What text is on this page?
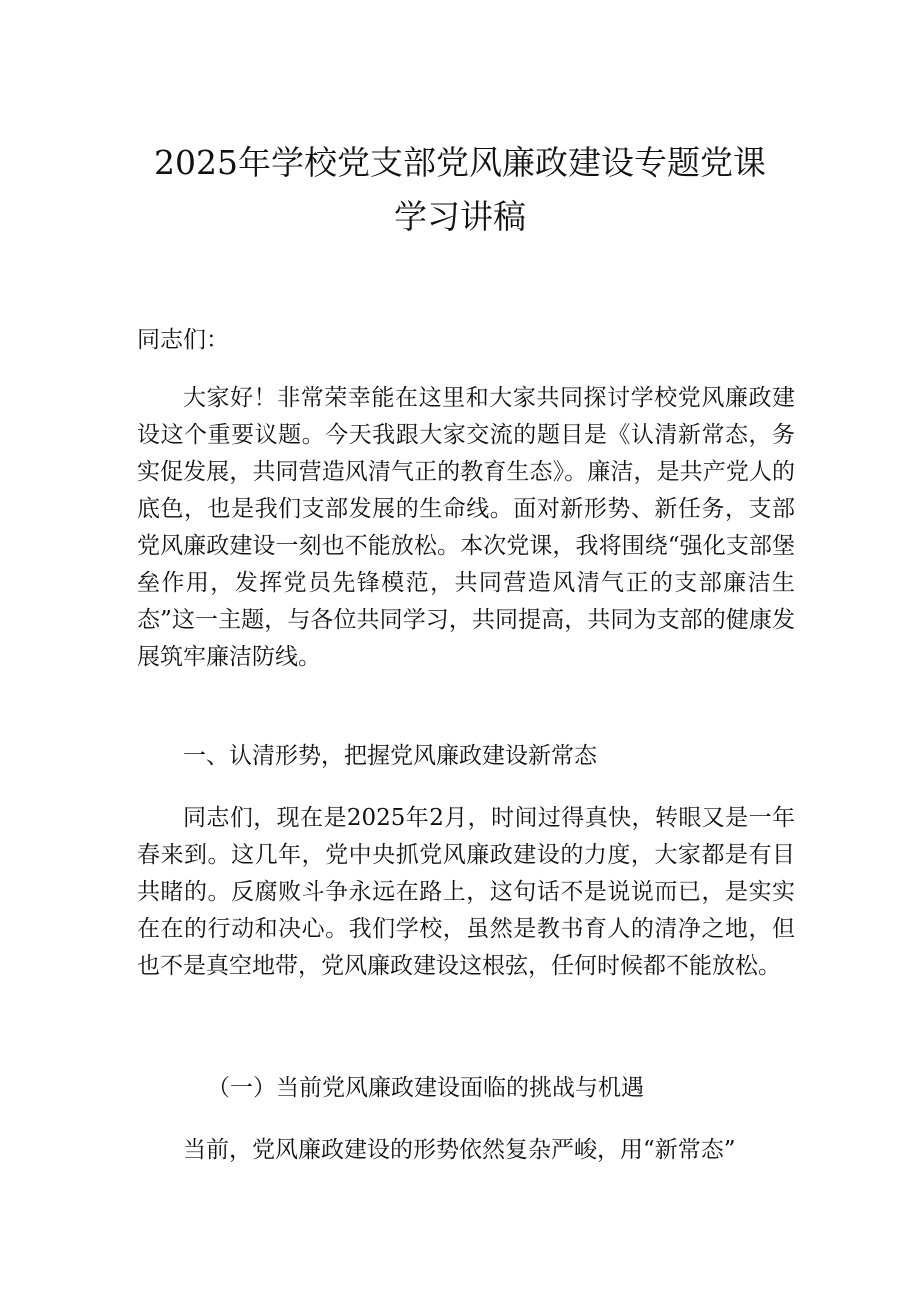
2025年学校党支部党风廉政建设专题党课
学习讲稿

同志们：

大家好！非常荣幸能在这里和大家共同探讨学校党风廉政建设这个重要议题。今天我跟大家交流的题目是《认清新常态，务实促发展，共同营造风清气正的教育生态》。廉洁，是共产党人的底色，也是我们支部发展的生命线。面对新形势、新任务，支部党风廉政建设一刻也不能放松。本次党课，我将围绕“强化支部堡垒作用，发挥党员先锋模范，共同营造风清气正的支部廉洁生态”这一主题，与各位共同学习，共同提高，共同为支部的健康发展筑牢廉洁防线。

一、认清形势，把握党风廉政建设新常态

同志们，现在是2025年2月，时间过得真快，转眼又是一年春来到。这几年，党中央抓党风廉政建设的力度，大家都是有目共睹的。反腐败斗争永远在路上，这句话不是说说而已，是实实在在的行动和决心。我们学校，虽然是教书育人的清净之地，但也不是真空地带，党风廉政建设这根弦，任何时候都不能放松。

（一）当前党风廉政建设面临的挑战与机遇

当前，党风廉政建设的形势依然复杂严峻，用“新常态”
